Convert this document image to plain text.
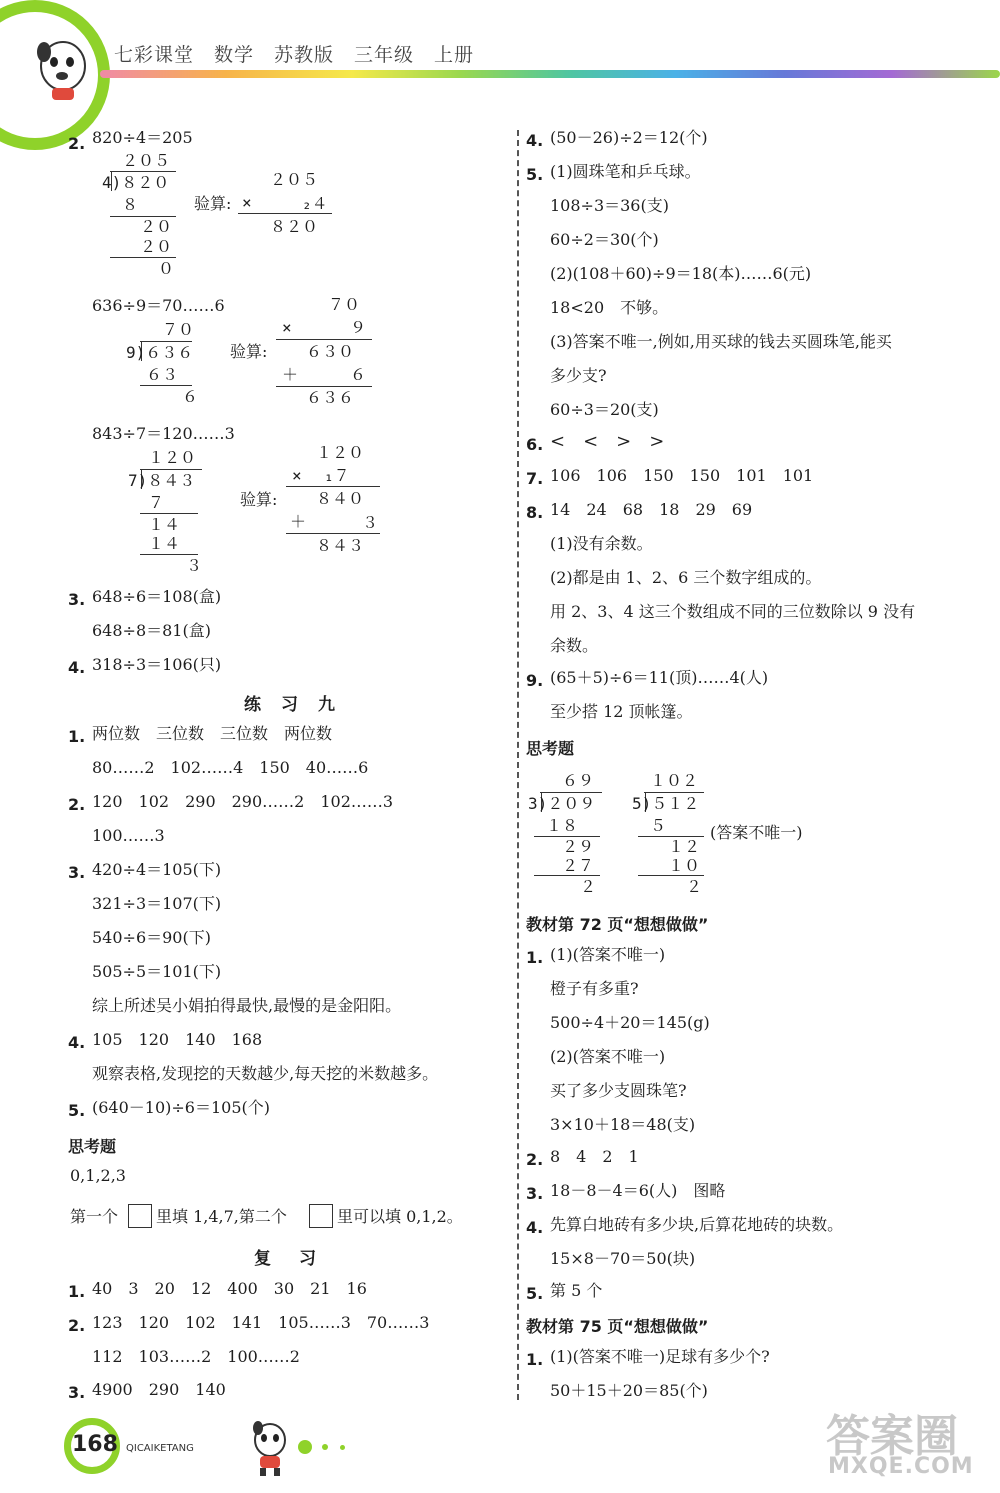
七彩课堂　数学　苏教版　三年级　上册
2. 820÷4＝205
２０５
4)８２０
８
２０
２０
０
验算:
２０５
×	₂４
８２０
636÷9＝70……6
７０
9)６３６
６３
６
验算:
７０
×	９
６３０
＋	６
６３６
843÷7＝120……3
１２０
7)８４３
７
１４
１４
３
验算:
１２０
× ₁７
８４０
＋	３
８４３
3. 648÷6＝108(盒)
648÷8＝81(盒)
4. 318÷3＝106(只)
练习九
1. 两位数　三位数　三位数　两位数
80……2　102……4　150　40……6
2. 120　102　290　290……2　102……3
100……3
3. 420÷4＝105(下)
321÷3＝107(下)
540÷6＝90(下)
505÷5＝101(下)
综上所述吴小娟拍得最快,最慢的是金阳阳。
4. 105　120　140　168
观察表格,发现挖的天数越少,每天挖的米数越多。
5. (640－10)÷6＝105(个)
思考题
0,1,2,3
第一个 里填 1,4,7,第二个	里可以填 0,1,2。
复习
1. 40　3　20　12　400　30　21　16
2. 123　120　102　141　105……3　70……3
112　103……2　100……2
3. 4900　290　140
4. (50－26)÷2＝12(个)
5. (1)圆珠笔和乒乓球。
108÷3＝36(支)
60÷2＝30(个)
(2)(108＋60)÷9＝18(本)……6(元)
18<20　不够。
(3)答案不唯一,例如,用买球的钱去买圆珠笔,能买
多少支?
60÷3＝20(支)
6. <　<　>　>
7. 106　106　150　150　101　101
8. 14　24　68　18　29　69
(1)没有余数。
(2)都是由 1、2、6 三个数字组成的。
用 2、3、4 这三个数组成不同的三位数除以 9 没有
余数。
9. (65＋5)÷6＝11(顶)……4(人)
至少搭 12 顶帐篷。
思考题
６９
3)２０９
１８
２９
２７
２
１０２
5)５１２
５
１２
１０
２
(答案不唯一)
教材第 72 页“想想做做”
1. (1)(答案不唯一)
橙子有多重?
500÷4＋20＝145(g)
(2)(答案不唯一)
买了多少支圆珠笔?
3×10＋18＝48(支)
2. 8　4　2　1
3. 18－8－4＝6(人)　图略
4. 先算白地砖有多少块,后算花地砖的块数。
15×8－70＝50(块)
5. 第 5 个
教材第 75 页“想想做做”
1. (1)(答案不唯一)足球有多少个?
50＋15＋20＝85(个)
168 QICAIKETANG	答案圈
MXQE.COM
